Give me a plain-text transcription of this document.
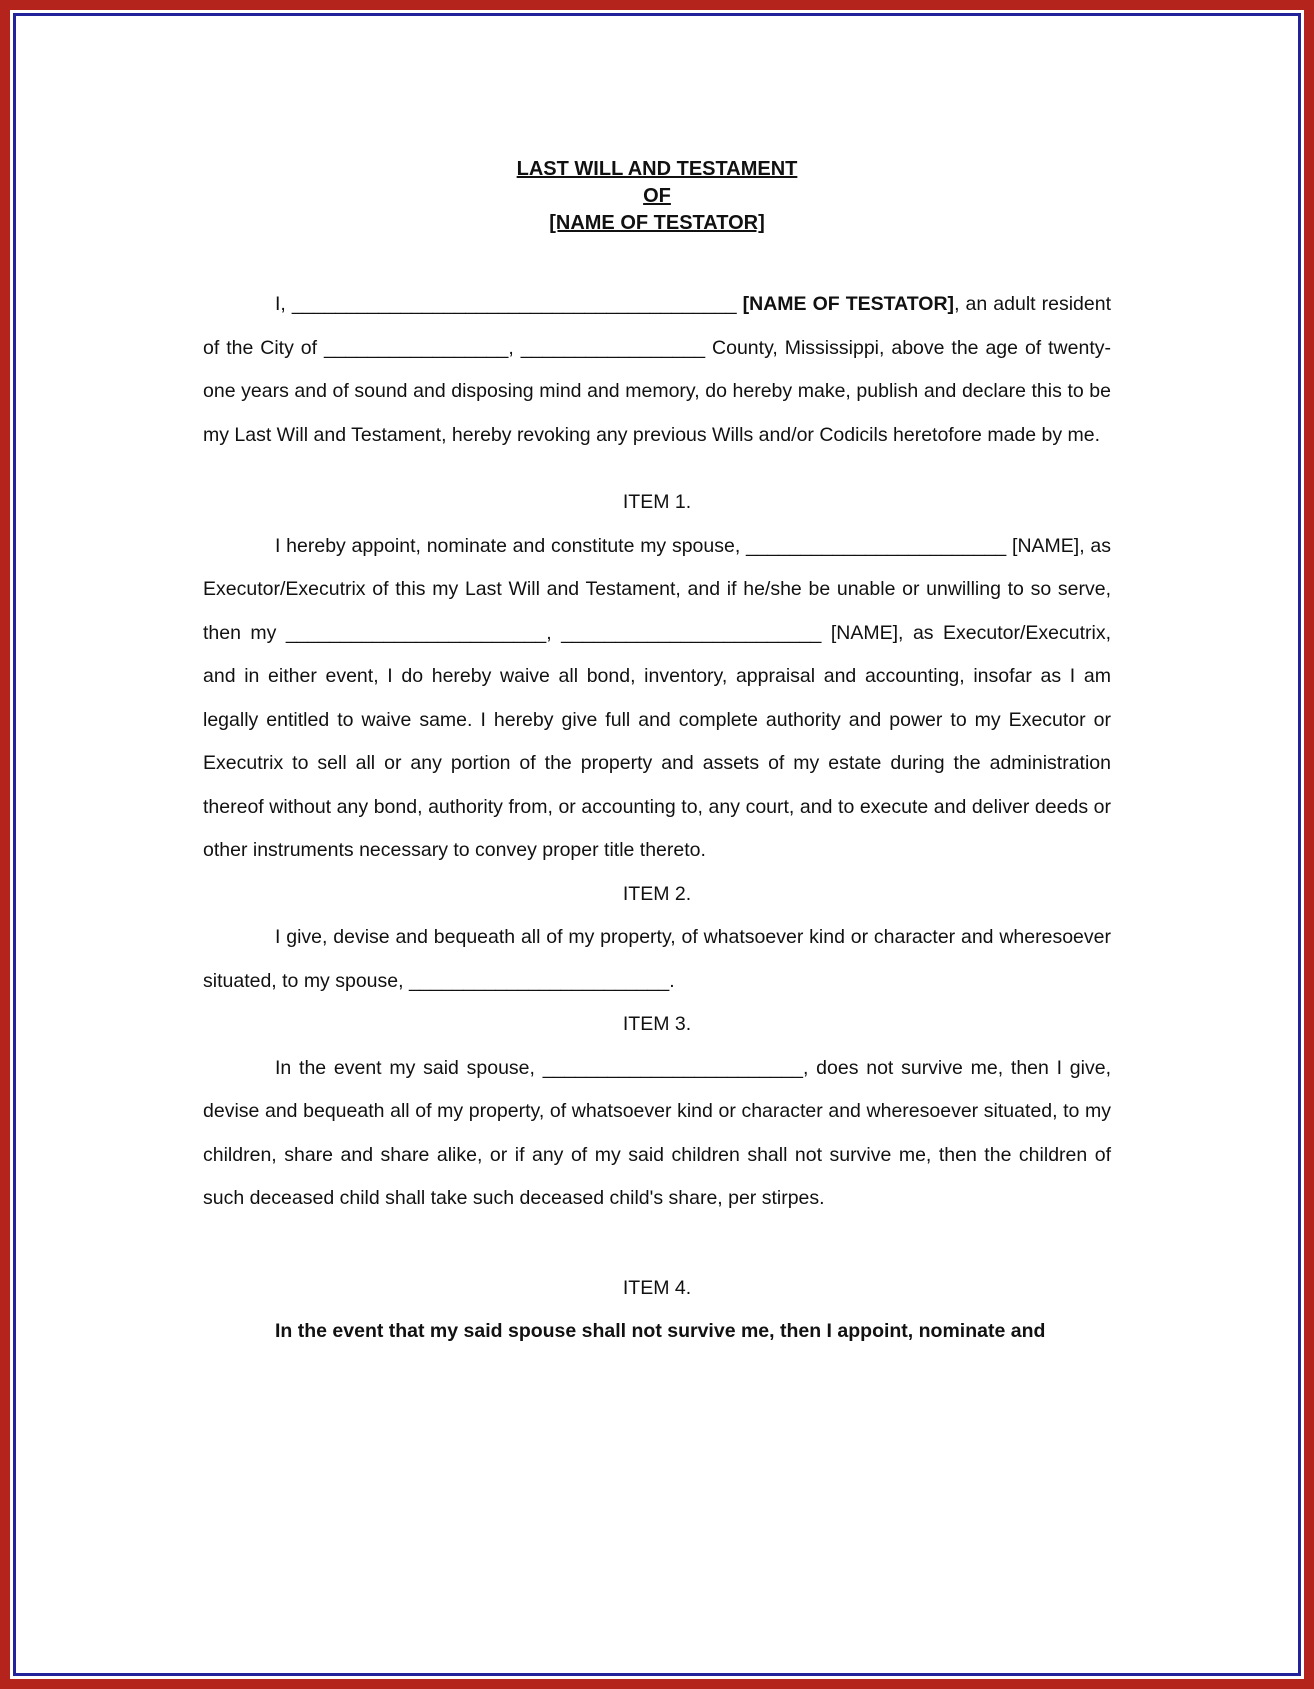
LAST WILL AND TESTAMENT
OF
[NAME OF TESTATOR]

I, _________________________________________ [NAME OF TESTATOR], an adult resident of the City of _________________, _________________ County, Mississippi, above the age of twenty-one years and of sound and disposing mind and memory, do hereby make, publish and declare this to be my Last Will and Testament, hereby revoking any previous Wills and/or Codicils heretofore made by me.

ITEM 1.

I hereby appoint, nominate and constitute my spouse, ________________________ [NAME], as Executor/Executrix of this my Last Will and Testament, and if he/she be unable or unwilling to so serve, then my ________________________, ________________________ [NAME], as Executor/Executrix, and in either event, I do hereby waive all bond, inventory, appraisal and accounting, insofar as I am legally entitled to waive same. I hereby give full and complete authority and power to my Executor or Executrix to sell all or any portion of the property and assets of my estate during the administration thereof without any bond, authority from, or accounting to, any court, and to execute and deliver deeds or other instruments necessary to convey proper title thereto.

ITEM 2.

I give, devise and bequeath all of my property, of whatsoever kind or character and wheresoever situated, to my spouse, ________________________.

ITEM 3.

In the event my said spouse, ________________________, does not survive me, then I give, devise and bequeath all of my property, of whatsoever kind or character and wheresoever situated, to my children, share and share alike, or if any of my said children shall not survive me, then the children of such deceased child shall take such deceased child's share, per stirpes.

ITEM 4.

In the event that my said spouse shall not survive me, then I appoint, nominate and
